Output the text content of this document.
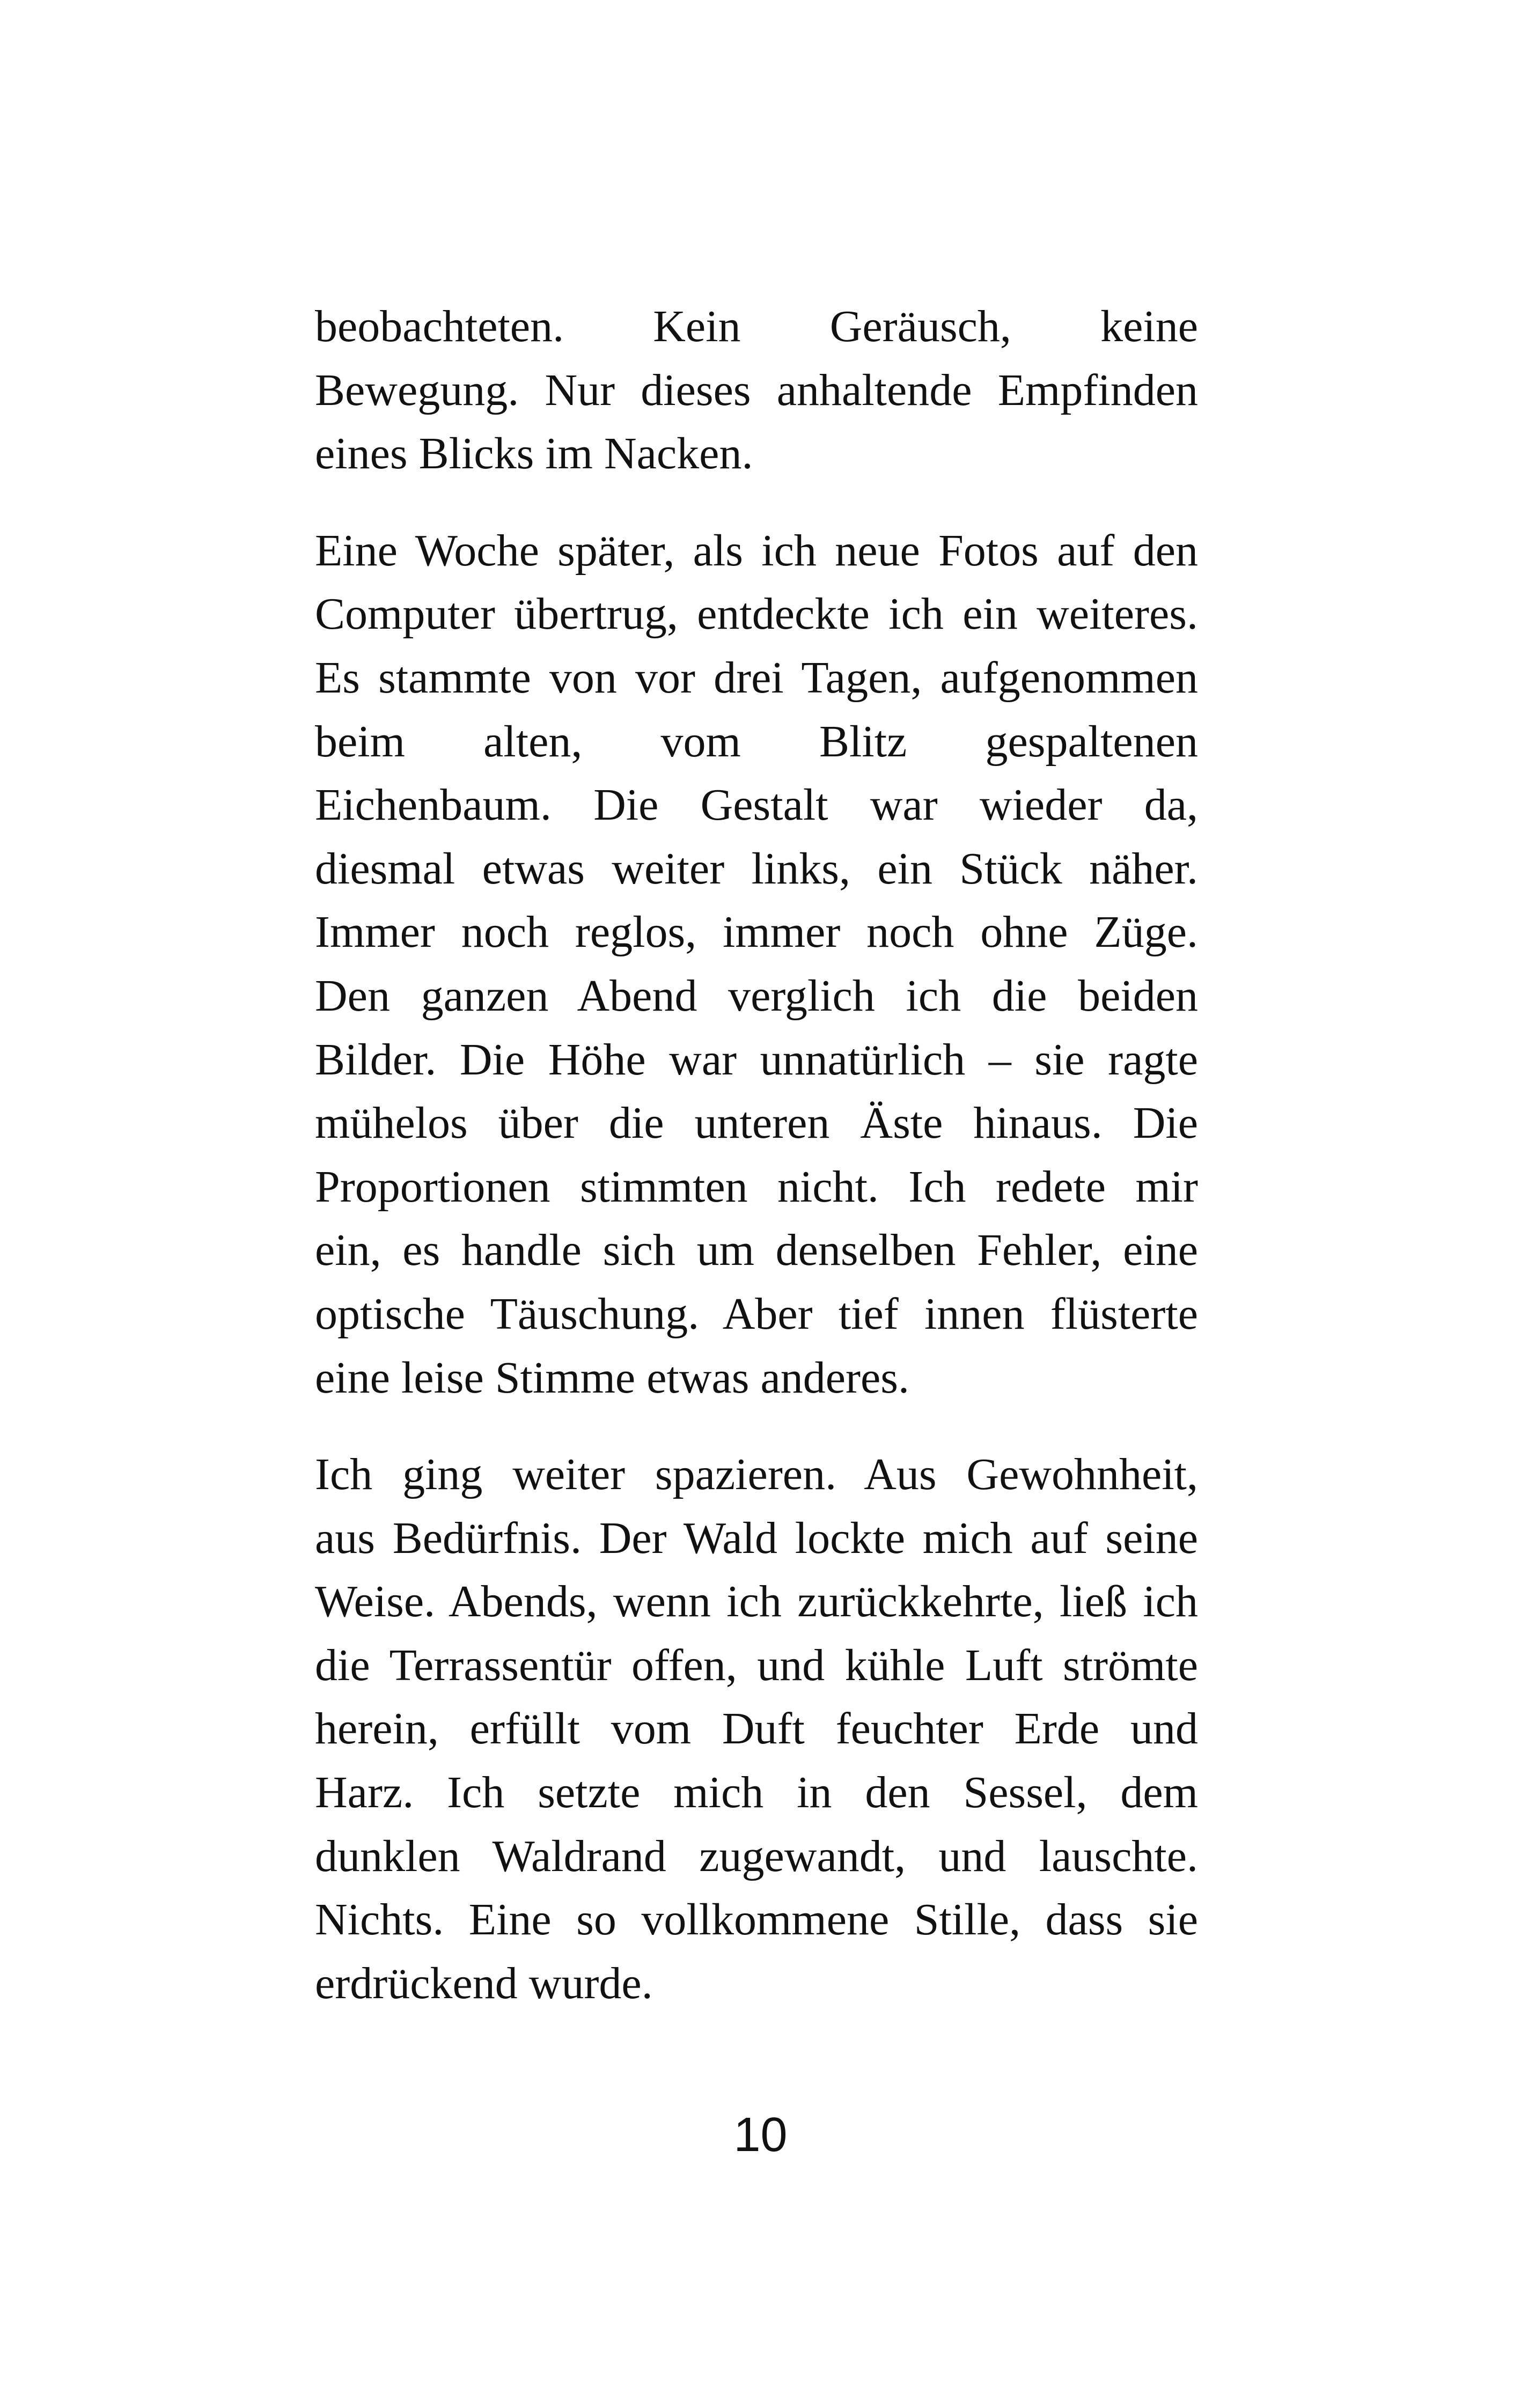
beobachteten. Kein Geräusch, keine
Bewegung. Nur dieses anhaltende Empfinden
eines Blicks im Nacken.

Eine Woche später, als ich neue Fotos auf den
Computer übertrug, entdeckte ich ein weiteres.
Es stammte von vor drei Tagen, aufgenommen
beim alten, vom Blitz gespaltenen
Eichenbaum. Die Gestalt war wieder da,
diesmal etwas weiter links, ein Stück näher.
Immer noch reglos, immer noch ohne Züge.
Den ganzen Abend verglich ich die beiden
Bilder. Die Höhe war unnatürlich – sie ragte
mühelos über die unteren Äste hinaus. Die
Proportionen stimmten nicht. Ich redete mir
ein, es handle sich um denselben Fehler, eine
optische Täuschung. Aber tief innen flüsterte
eine leise Stimme etwas anderes.

Ich ging weiter spazieren. Aus Gewohnheit,
aus Bedürfnis. Der Wald lockte mich auf seine
Weise. Abends, wenn ich zurückkehrte, ließ ich
die Terrassentür offen, und kühle Luft strömte
herein, erfüllt vom Duft feuchter Erde und
Harz. Ich setzte mich in den Sessel, dem
dunklen Waldrand zugewandt, und lauschte.
Nichts. Eine so vollkommene Stille, dass sie
erdrückend wurde.

10
